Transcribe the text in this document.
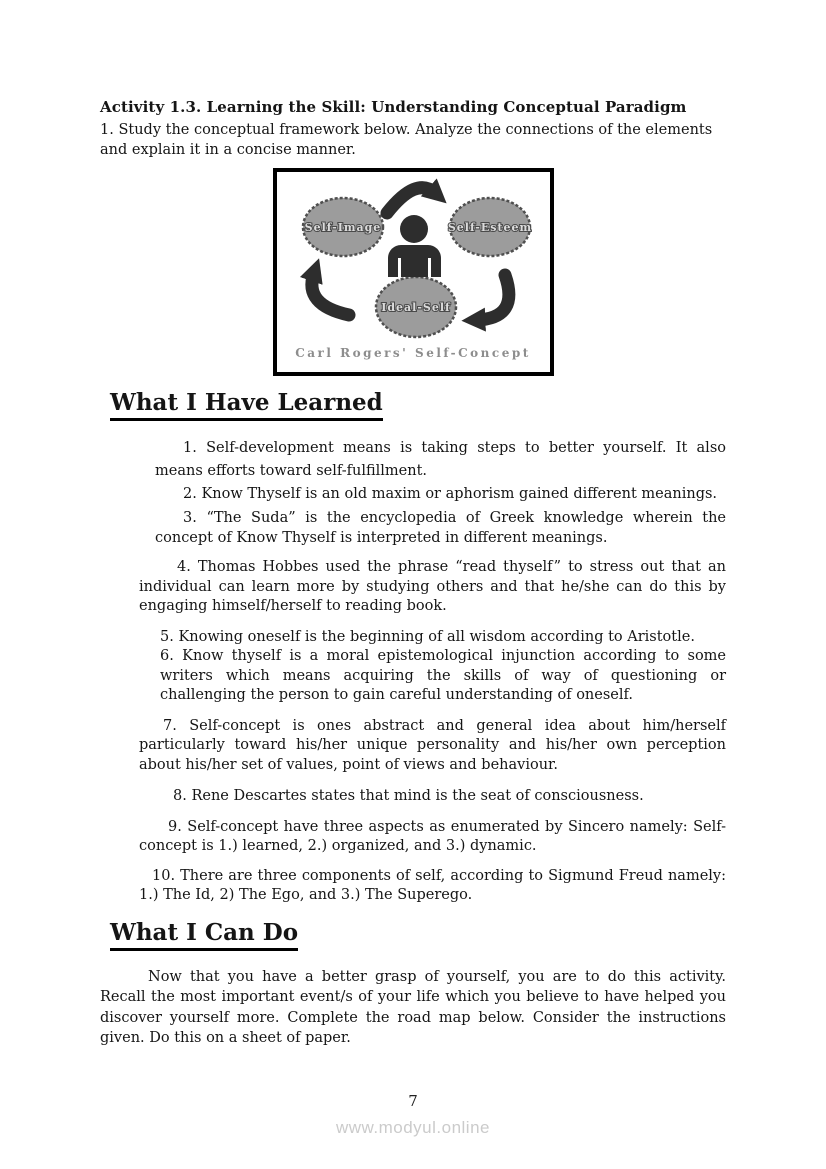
Activity 1.3. Learning the Skill: Understanding Conceptual Paradigm

1. Study the conceptual framework below. Analyze the connections of the elements and explain it in a concise manner.

Self-Image	Self-Esteem
Ideal-Self
Carl Rogers' Self-Concept
What I Have Learned

1. Self-development means is taking steps to better yourself. It also means efforts toward self-fulfillment.

2. Know Thyself is an old maxim or aphorism gained different meanings.

3. “The Suda” is the encyclopedia of Greek knowledge wherein the concept of Know Thyself is interpreted in different meanings.

4. Thomas Hobbes used the phrase “read thyself” to stress out that an individual can learn more by studying others and that he/she can do this by engaging himself/herself to reading book.

5. Knowing oneself is the beginning of all wisdom according to Aristotle.

6. Know thyself is a moral epistemological injunction according to some writers which means acquiring the skills of way of questioning or challenging the person to gain careful understanding of oneself.

7. Self-concept is ones abstract and general idea about him/herself particularly toward his/her unique personality and his/her own perception about his/her set of values, point of views and behaviour.

8. Rene Descartes states that mind is the seat of consciousness.

9. Self-concept have three aspects as enumerated by Sincero namely: Self-concept is 1.) learned, 2.) organized, and 3.) dynamic.

10. There are three components of self, according to Sigmund Freud namely: 1.) The Id, 2) The Ego, and 3.) The Superego.

What I Can Do

Now that you have a better grasp of yourself, you are to do this activity. Recall the most important event/s of your life which you believe to have helped you discover yourself more. Complete the road map below. Consider the instructions given. Do this on a sheet of paper.

7
www.modyul.online
